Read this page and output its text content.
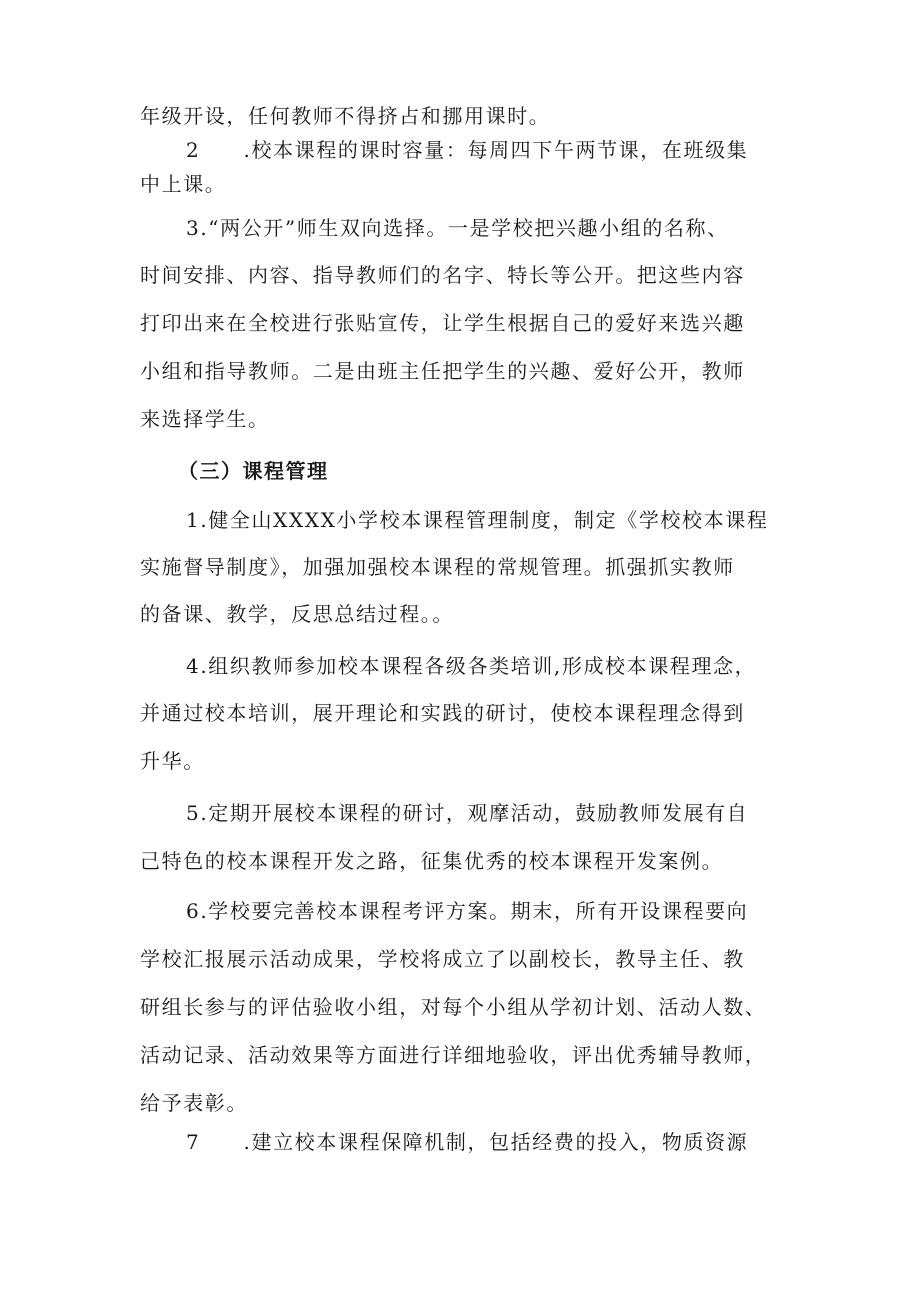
年级开设，任何教师不得挤占和挪用课时。
2　　.校本课程的课时容量：每周四下午两节课，在班级集
中上课。
3.“两公开”师生双向选择。一是学校把兴趣小组的名称、
时间安排、内容、指导教师们的名字、特长等公开。把这些内容
打印出来在全校进行张贴宣传，让学生根据自己的爱好来选兴趣
小组和指导教师。二是由班主任把学生的兴趣、爱好公开，教师
来选择学生。
（三）课程管理
1.健全山XXXX小学校本课程管理制度，制定《学校校本课程
实施督导制度》，加强加强校本课程的常规管理。抓强抓实教师
的备课、教学，反思总结过程。。
4.组织教师参加校本课程各级各类培训,形成校本课程理念，
并通过校本培训，展开理论和实践的研讨，使校本课程理念得到
升华。
5.定期开展校本课程的研讨，观摩活动，鼓励教师发展有自
己特色的校本课程开发之路，征集优秀的校本课程开发案例。
6.学校要完善校本课程考评方案。期末，所有开设课程要向
学校汇报展示活动成果，学校将成立了以副校长，教导主任、教
研组长参与的评估验收小组，对每个小组从学初计划、活动人数、
活动记录、活动效果等方面进行详细地验收，评出优秀辅导教师，
给予表彰。
7　　.建立校本课程保障机制，包括经费的投入，物质资源
